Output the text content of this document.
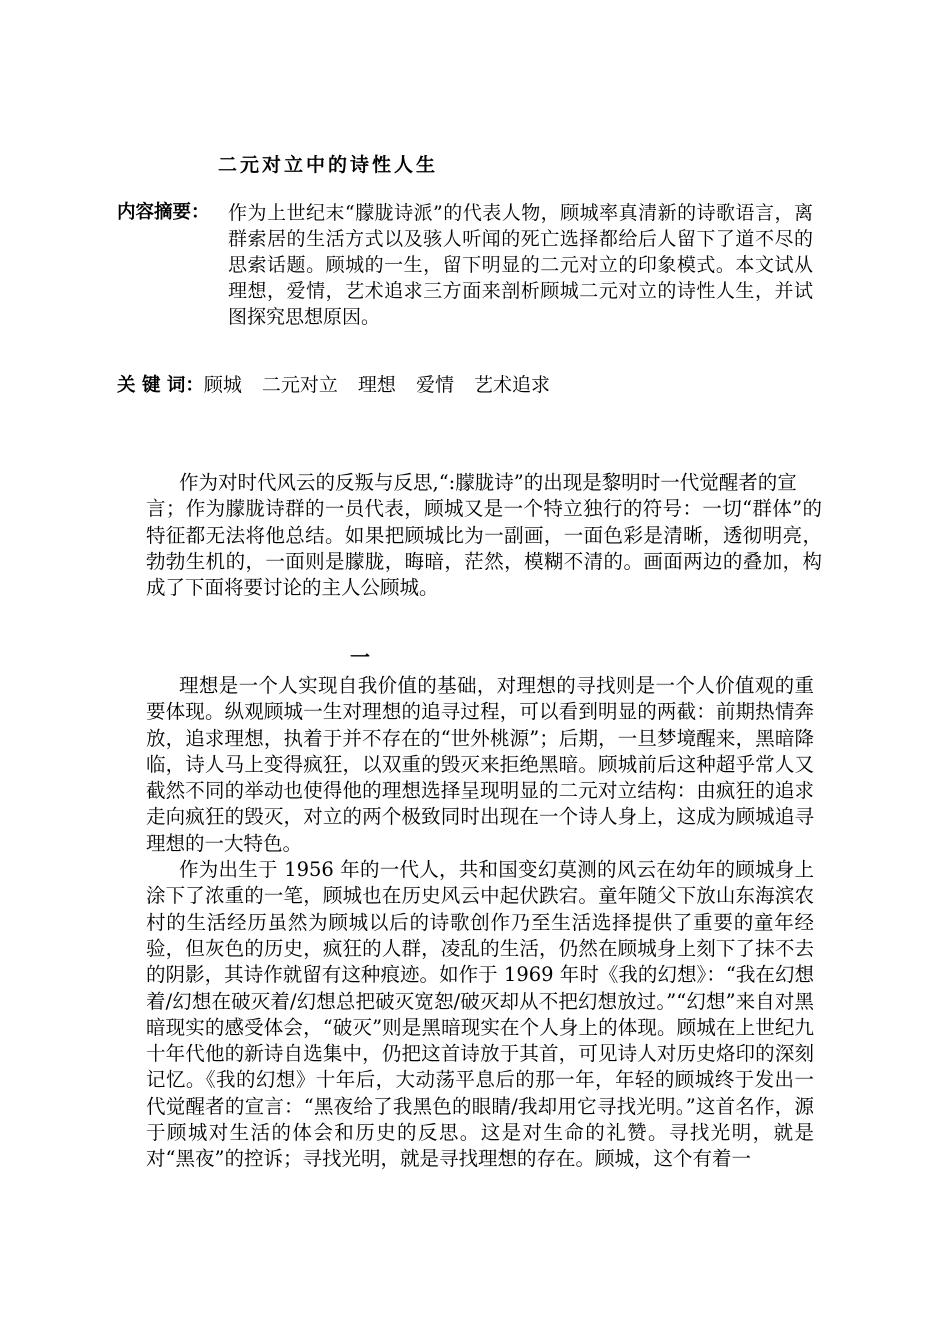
二元对立中的诗性人生
内容摘要： 作为上世纪末“朦胧诗派”的代表人物，顾城率真清新的诗歌语言，离群索居的生活方式以及骇人听闻的死亡选择都给后人留下了道不尽的思索话题。顾城的一生，留下明显的二元对立的印象模式。本文试从理想，爱情，艺术追求三方面来剖析顾城二元对立的诗性人生，并试图探究思想原因。
关 键 词：顾城 二元对立 理想 爱情 艺术追求

作为对时代风云的反叛与反思,“:朦胧诗”的出现是黎明时一代觉醒者的宣

言；作为朦胧诗群的一员代表，顾城又是一个特立独行的符号：一切“群体”的特征都无法将他总结。如果把顾城比为一副画，一面色彩是清晰，透彻明亮，勃勃生机的，一面则是朦胧，晦暗，茫然，模糊不清的。画面两边的叠加，构成了下面将要讨论的主人公顾城。

一

理想是一个人实现自我价值的基础，对理想的寻找则是一个人价值观的重要体现。纵观顾城一生对理想的追寻过程，可以看到明显的两截：前期热情奔放，追求理想，执着于并不存在的“世外桃源”；后期，一旦梦境醒来，黑暗降临，诗人马上变得疯狂，以双重的毁灭来拒绝黑暗。顾城前后这种超乎常人又截然不同的举动也使得他的理想选择呈现明显的二元对立结构：由疯狂的追求走向疯狂的毁灭，对立的两个极致同时出现在一个诗人身上，这成为顾城追寻理想的一大特色。

作为出生于 1956 年的一代人，共和国变幻莫测的风云在幼年的顾城身上涂下了浓重的一笔，顾城也在历史风云中起伏跌宕。童年随父下放山东海滨农村的生活经历虽然为顾城以后的诗歌创作乃至生活选择提供了重要的童年经验，但灰色的历史，疯狂的人群，凌乱的生活，仍然在顾城身上刻下了抹不去的阴影，其诗作就留有这种痕迹。如作于 1969 年时《我的幻想》：“我在幻想着/幻想在破灭着/幻想总把破灭宽恕/破灭却从不把幻想放过。”“幻想”来自对黑暗现实的感受体会，“破灭”则是黑暗现实在个人身上的体现。顾城在上世纪九十年代他的新诗自选集中，仍把这首诗放于其首，可见诗人对历史烙印的深刻记忆。《我的幻想》十年后，大动荡平息后的那一年，年轻的顾城终于发出一代觉醒者的宣言：“黑夜给了我黑色的眼睛/我却用它寻找光明。”这首名作，源于顾城对生活的体会和历史的反思。这是对生命的礼赞。寻找光明，就是对“黑夜”的控诉；寻找光明，就是寻找理想的存在。顾城，这个有着一
